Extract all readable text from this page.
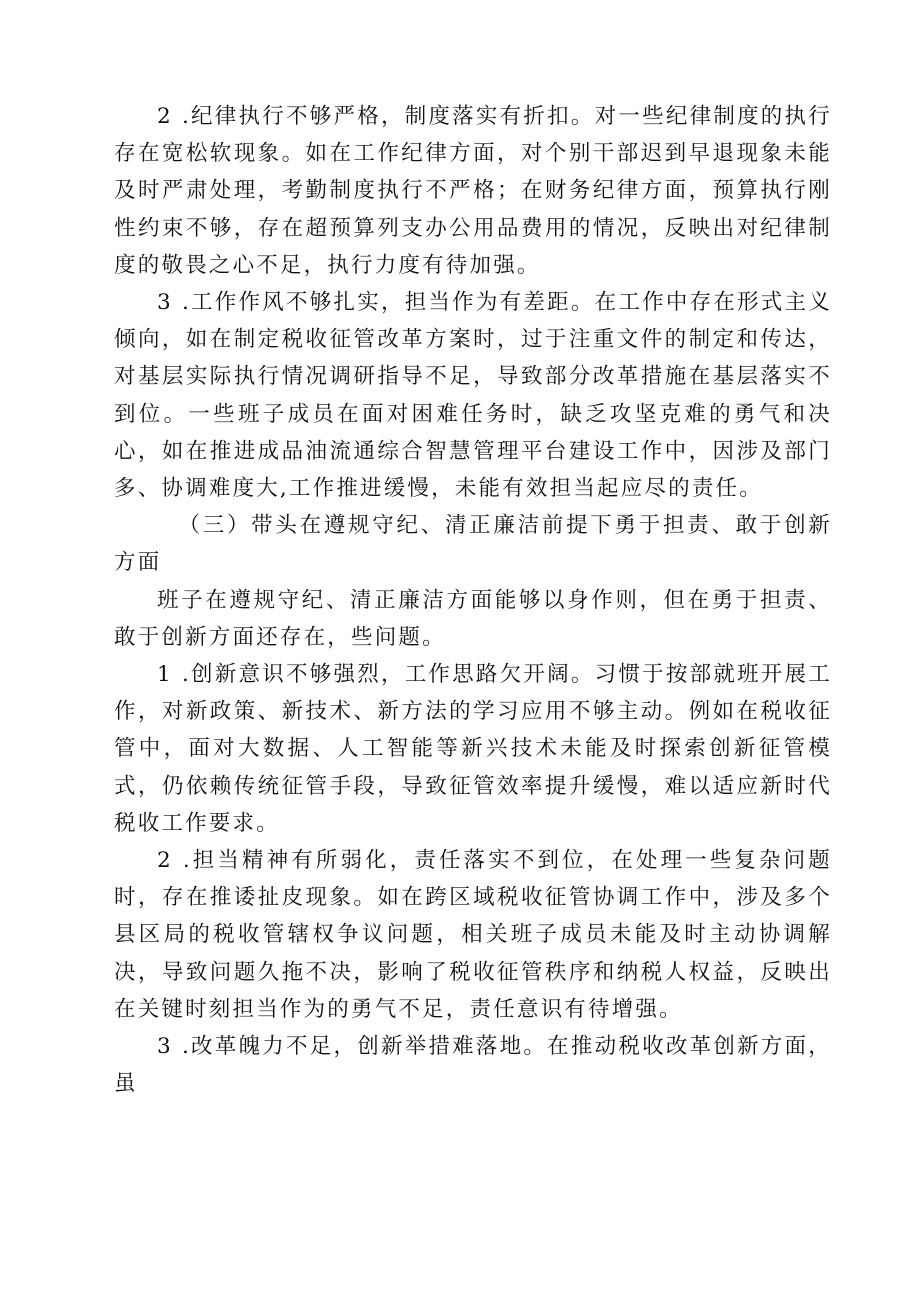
2 .纪律执行不够严格，制度落实有折扣。对一些纪律制度的执行存在宽松软现象。如在工作纪律方面，对个别干部迟到早退现象未能及时严肃处理，考勤制度执行不严格；在财务纪律方面，预算执行刚性约束不够，存在超预算列支办公用品费用的情况，反映出对纪律制度的敬畏之心不足，执行力度有待加强。

3 .工作作风不够扎实，担当作为有差距。在工作中存在形式主义倾向，如在制定税收征管改革方案时，过于注重文件的制定和传达，对基层实际执行情况调研指导不足，导致部分改革措施在基层落实不到位。一些班子成员在面对困难任务时，缺乏攻坚克难的勇气和决心，如在推进成品油流通综合智慧管理平台建设工作中，因涉及部门多、协调难度大,工作推进缓慢，未能有效担当起应尽的责任。

（三）带头在遵规守纪、清正廉洁前提下勇于担责、敢于创新方面

班子在遵规守纪、清正廉洁方面能够以身作则，但在勇于担责、敢于创新方面还存在，些问题。

1 .创新意识不够强烈，工作思路欠开阔。习惯于按部就班开展工作，对新政策、新技术、新方法的学习应用不够主动。例如在税收征管中，面对大数据、人工智能等新兴技术未能及时探索创新征管模式，仍依赖传统征管手段，导致征管效率提升缓慢，难以适应新时代税收工作要求。

2 .担当精神有所弱化，责任落实不到位，在处理一些复杂问题时，存在推诿扯皮现象。如在跨区域税收征管协调工作中，涉及多个县区局的税收管辖权争议问题，相关班子成员未能及时主动协调解决，导致问题久拖不决，影响了税收征管秩序和纳税人权益，反映出在关键时刻担当作为的勇气不足，责任意识有待增强。

3 .改革魄力不足，创新举措难落地。在推动税收改革创新方面，虽
